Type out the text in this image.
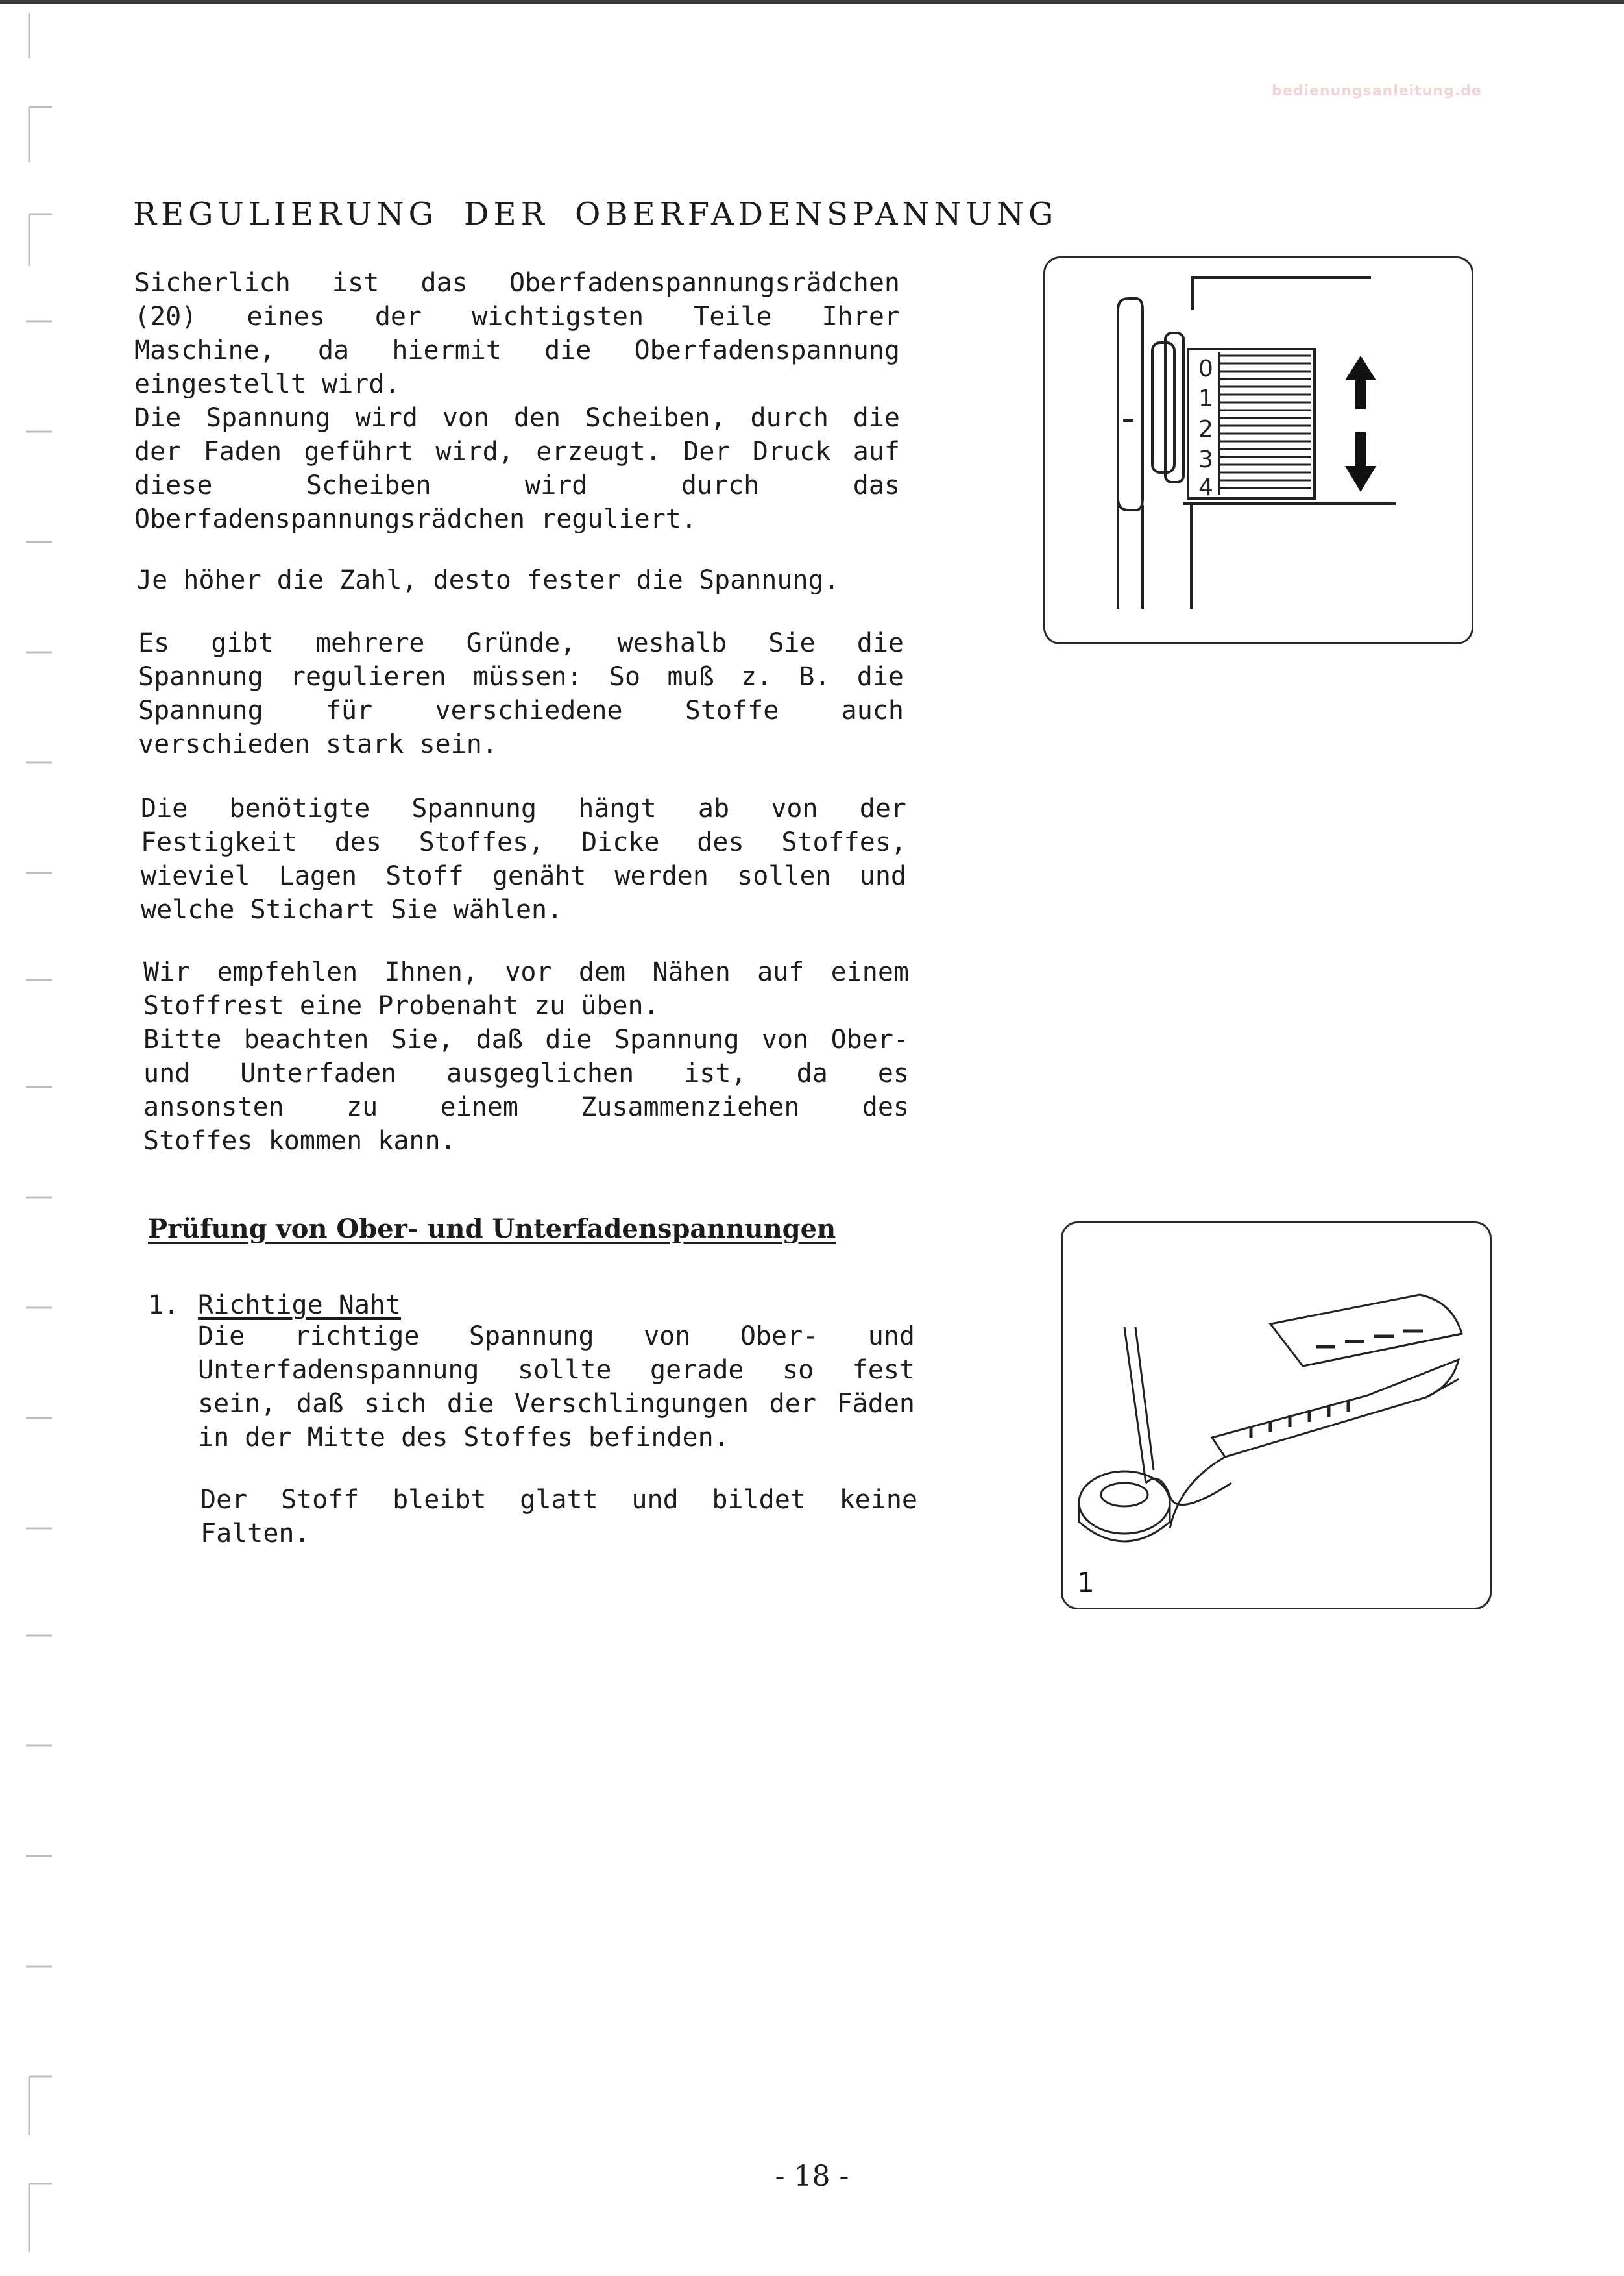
bedienungsanleitung.de
REGULIERUNG DER OBERFADENSPANNUNG
Sicherlich ist das Oberfadenspannungsrädchen
(20) eines der wichtigsten Teile Ihrer
Maschine, da hiermit die Oberfadenspannung
eingestellt wird.
Die Spannung wird von den Scheiben, durch die
der Faden geführt wird, erzeugt. Der Druck auf
diese Scheiben wird durch das
Oberfadenspannungsrädchen reguliert.
Je höher die Zahl, desto fester die Spannung.
Es gibt mehrere Gründe, weshalb Sie die
Spannung regulieren müssen: So muß z. B. die
Spannung für verschiedene Stoffe auch
verschieden stark sein.
Die benötigte Spannung hängt ab von der
Festigkeit des Stoffes, Dicke des Stoffes,
wieviel Lagen Stoff genäht werden sollen und
welche Stichart Sie wählen.
Wir empfehlen Ihnen, vor dem Nähen auf einem
Stoffrest eine Probenaht zu üben.
Bitte beachten Sie, daß die Spannung von Ober-
und Unterfaden ausgeglichen ist, da es
ansonsten zu einem Zusammenziehen des
Stoffes kommen kann.
Prüfung von Ober- und Unterfadenspannungen
1. Richtige Naht
Die richtige Spannung von Ober- und
Unterfadenspannung sollte gerade so fest
sein, daß sich die Verschlingungen der Fäden
in der Mitte des Stoffes befinden.
Der Stoff bleibt glatt und bildet keine
Falten.
0
1
2
3
4
1
- 18 -
